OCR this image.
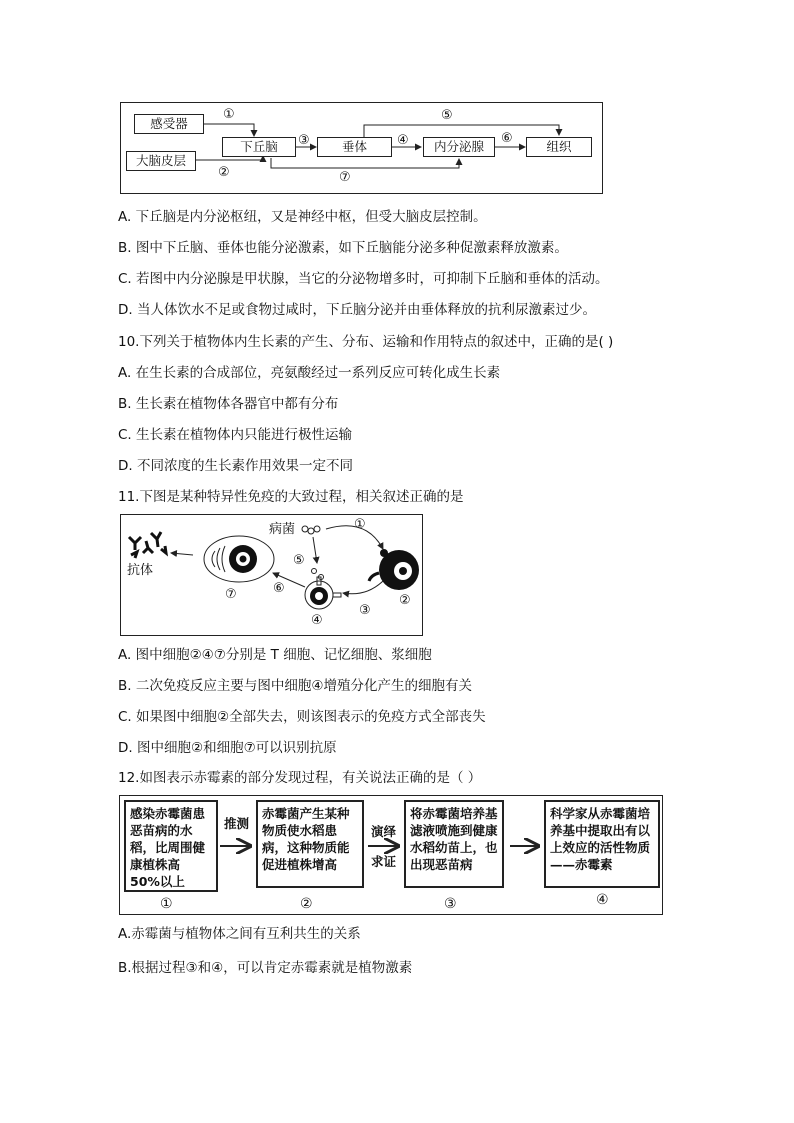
感受器
大脑皮层
下丘脑	垂体	内分泌腺	组织
①
②
③	④
⑤
⑥
⑦
A. 下丘脑是内分泌枢纽，又是神经中枢，但受大脑皮层控制。
B. 图中下丘脑、垂体也能分泌激素，如下丘脑能分泌多种促激素释放激素。
C. 若图中内分泌腺是甲状腺，当它的分泌物增多时，可抑制下丘脑和垂体的活动。
D. 当人体饮水不足或食物过咸时，下丘脑分泌并由垂体释放的抗利尿激素过少。
10.下列关于植物体内生长素的产生、分布、运输和作用特点的叙述中，正确的是( )
A. 在生长素的合成部位，亮氨酸经过一系列反应可转化成生长素
B. 生长素在植物体各器官中都有分布
C. 生长素在植物体内只能进行极性运输
D. 不同浓度的生长素作用效果一定不同
11.下图是某种特异性免疫的大致过程，相关叙述正确的是
病菌
抗体
①
②
③
④
⑤
⑥
⑦
A. 图中细胞②④⑦分别是 T 细胞、记忆细胞、浆细胞
B. 二次免疫反应主要与图中细胞④增殖分化产生的细胞有关
C. 如果图中细胞②全部失去，则该图表示的免疫方式全部丧失
D. 图中细胞②和细胞⑦可以识别抗原
12.如图表示赤霉素的部分发现过程，有关说法正确的是（ ）
感染赤霉菌患恶苗病的水稻，比周围健康植株高 50%以上
赤霉菌产生某种物质使水稻患病，这种物质能促进植株增高
将赤霉菌培养基滤液喷施到健康水稻幼苗上，也出现恶苗病
科学家从赤霉菌培养基中提取出有以上效应的活性物质——赤霉素
推测
演绎
求证
①	②	③	④
A.赤霉菌与植物体之间有互利共生的关系
B.根据过程③和④，可以肯定赤霉素就是植物激素
